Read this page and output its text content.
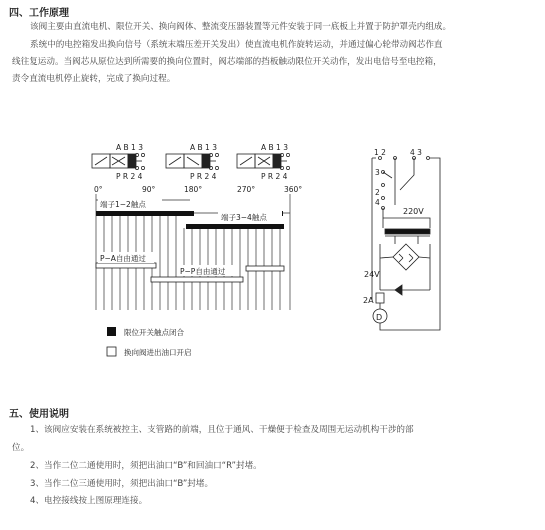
四、工作原理
该阀主要由直流电机、限位开关、换向阀体、整流变压器装置等元件安装于同一底板上并置于防护罩壳内组成。
系统中的电控箱发出换向信号（系统末端压差开关发出）使直流电机作旋转运动，并通过偏心轮带动阀芯作直
线往复运动。当阀芯从原位达到所需要的换向位置时，阀芯端部的挡板触动限位开关动作，发出电信号至电控箱，
责令直流电机停止旋转，完成了换向过程。
A B 1 3
P R 2 4
A B 1 3
P R 2 4
A B 1 3
P R 2 4
0°	90°	180°	270°	360°
端子1−2触点
端子3−4触点
P−A自由通过
P−P自由通过
限位开关触点闭合
换向阀进出油口开启
1 2	4 3
3
2
4
220V
24V
2A
D
五、使用说明
1、该阀应安装在系统被控主、支管路的前端，且位于通风、干燥便于检查及周围无运动机构干涉的部
位。
2、当作二位二通使用时，须把出油口“B”和回油口“R”封堵。
3、当作二位三通使用时，须把出油口“B”封堵。
4、电控接线按上图原理连接。
